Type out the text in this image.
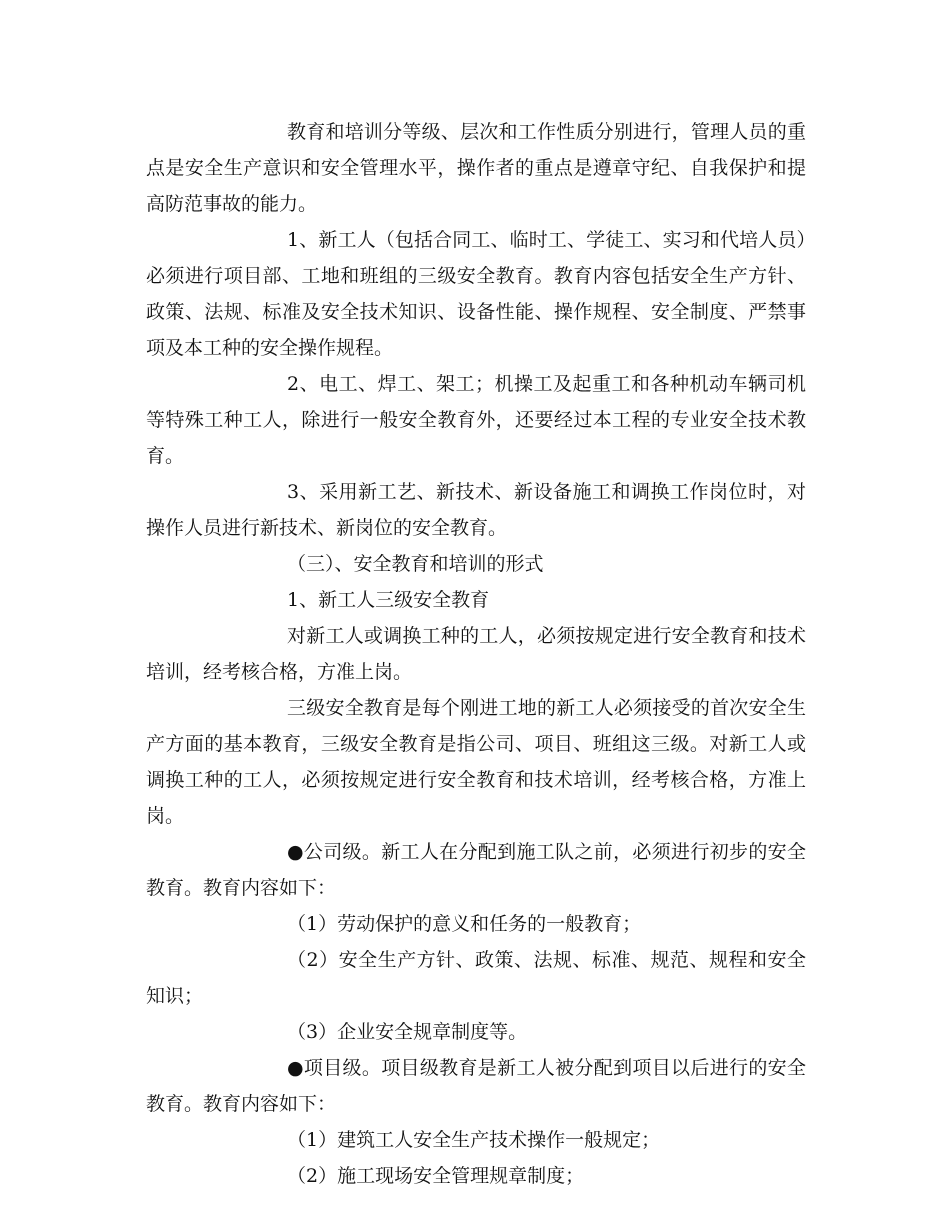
教育和培训分等级、层次和工作性质分别进行，管理人员的重点是安全生产意识和安全管理水平，操作者的重点是遵章守纪、自我保护和提高防范事故的能力。

1、新工人（包括合同工、临时工、学徒工、实习和代培人员）必须进行项目部、工地和班组的三级安全教育。教育内容包括安全生产方针、政策、法规、标准及安全技术知识、设备性能、操作规程、安全制度、严禁事项及本工种的安全操作规程。

2、电工、焊工、架工；机操工及起重工和各种机动车辆司机等特殊工种工人，除进行一般安全教育外，还要经过本工程的专业安全技术教育。

3、采用新工艺、新技术、新设备施工和调换工作岗位时，对操作人员进行新技术、新岗位的安全教育。

（三）、安全教育和培训的形式

1、新工人三级安全教育

对新工人或调换工种的工人，必须按规定进行安全教育和技术培训，经考核合格，方准上岗。

三级安全教育是每个刚进工地的新工人必须接受的首次安全生产方面的基本教育，三级安全教育是指公司、项目、班组这三级。对新工人或调换工种的工人，必须按规定进行安全教育和技术培训，经考核合格，方准上岗。

●公司级。新工人在分配到施工队之前，必须进行初步的安全教育。教育内容如下：

（1）劳动保护的意义和任务的一般教育；

（2）安全生产方针、政策、法规、标准、规范、规程和安全知识；

（3）企业安全规章制度等。

●项目级。项目级教育是新工人被分配到项目以后进行的安全教育。教育内容如下：

（1）建筑工人安全生产技术操作一般规定；

（2）施工现场安全管理规章制度；
